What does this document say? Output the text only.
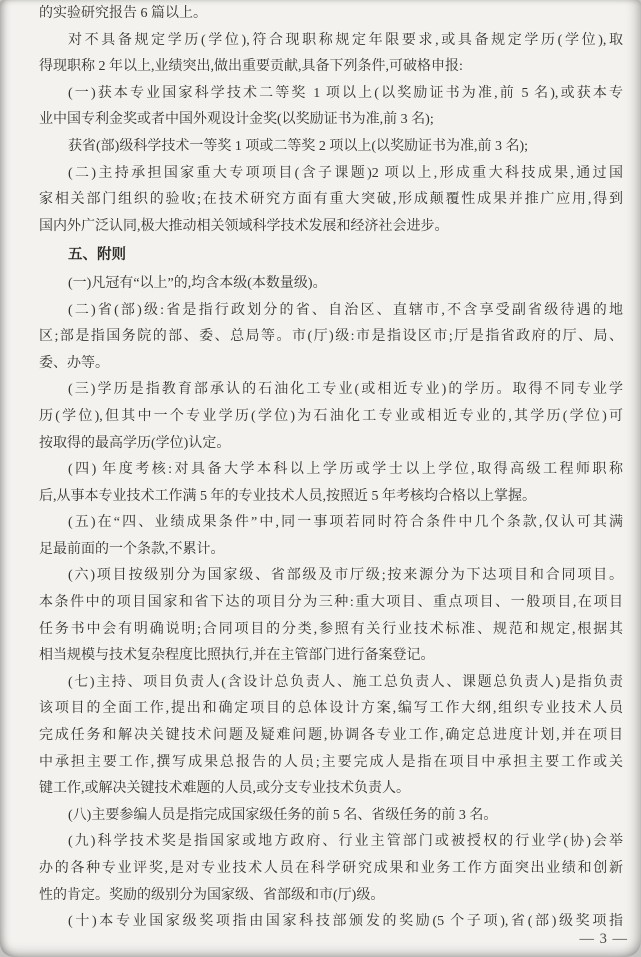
的实验研究报告 6 篇以上。
对不具备规定学历(学位),符合现职称规定年限要求,或具备规定学历(学位),取
得现职称 2 年以上,业绩突出,做出重要贡献,具备下列条件,可破格申报:
(一)获本专业国家科学技术二等奖 1 项以上(以奖励证书为准,前 5 名),或获本专
业中国专利金奖或者中国外观设计金奖(以奖励证书为准,前 3 名);
获省(部)级科学技术一等奖 1 项或二等奖 2 项以上(以奖励证书为准,前 3 名);
(二)主持承担国家重大专项项目(含子课题)2 项以上,形成重大科技成果,通过国
家相关部门组织的验收;在技术研究方面有重大突破,形成颠覆性成果并推广应用,得到
国内外广泛认同,极大推动相关领域科学技术发展和经济社会进步。
五、附则
(一)凡冠有“以上”的,均含本级(本数量级)。
(二)省(部)级:省是指行政划分的省、自治区、直辖市,不含享受副省级待遇的地
区;部是指国务院的部、委、总局等。市(厅)级:市是指设区市;厅是指省政府的厅、局、
委、办等。
(三)学历是指教育部承认的石油化工专业(或相近专业)的学历。取得不同专业学
历(学位),但其中一个专业学历(学位)为石油化工专业或相近专业的,其学历(学位)可
按取得的最高学历(学位)认定。
(四) 年度考核:对具备大学本科以上学历或学士以上学位,取得高级工程师职称
后,从事本专业技术工作满 5 年的专业技术人员,按照近 5 年考核均合格以上掌握。
(五)在“四、业绩成果条件”中,同一事项若同时符合条件中几个条款,仅认可其满
足最前面的一个条款,不累计。
(六)项目按级别分为国家级、省部级及市厅级;按来源分为下达项目和合同项目。
本条件中的项目国家和省下达的项目分为三种:重大项目、重点项目、一般项目,在项目
任务书中会有明确说明;合同项目的分类,参照有关行业技术标准、规范和规定,根据其
相当规模与技术复杂程度比照执行,并在主管部门进行备案登记。
(七)主持、项目负责人(含设计总负责人、施工总负责人、课题总负责人)是指负责
该项目的全面工作,提出和确定项目的总体设计方案,编写工作大纲,组织专业技术人员
完成任务和解决关键技术问题及疑难问题,协调各专业工作,确定总进度计划,并在项目
中承担主要工作,撰写成果总报告的人员;主要完成人是指在项目中承担主要工作或关
键工作,或解决关键技术难题的人员,或分支专业技术负责人。
(八)主要参编人员是指完成国家级任务的前 5 名、省级任务的前 3 名。
(九)科学技术奖是指国家或地方政府、行业主管部门或被授权的行业学(协)会举
办的各种专业评奖,是对专业技术人员在科学研究成果和业务工作方面突出业绩和创新
性的肯定。奖励的级别分为国家级、省部级和市(厅)级。
(十)本专业国家级奖项指由国家科技部颁发的奖励(5 个子项),省(部)级奖项指
— 3 —
